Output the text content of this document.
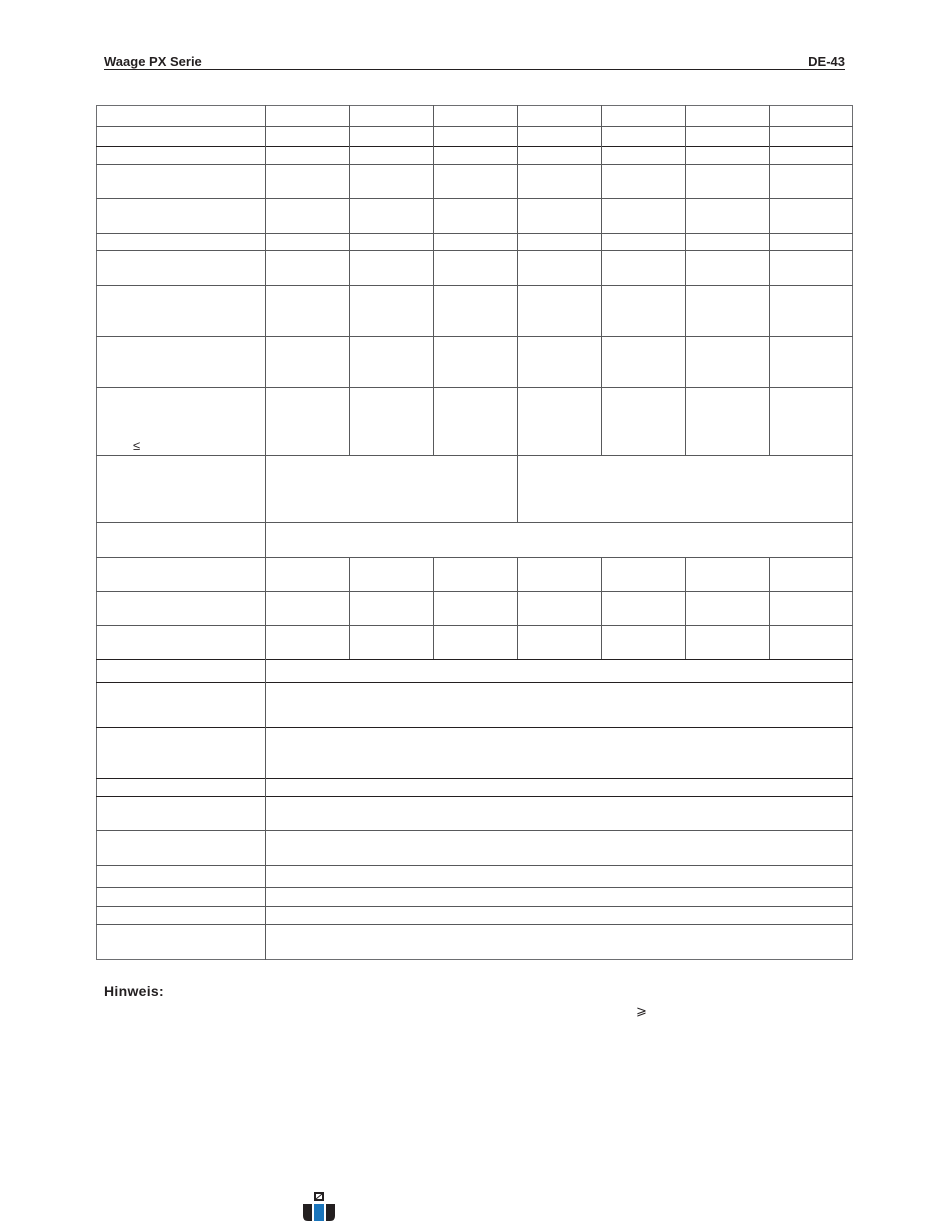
Waage PX Serie	DE-43
≤
Hinweis:
⩾
